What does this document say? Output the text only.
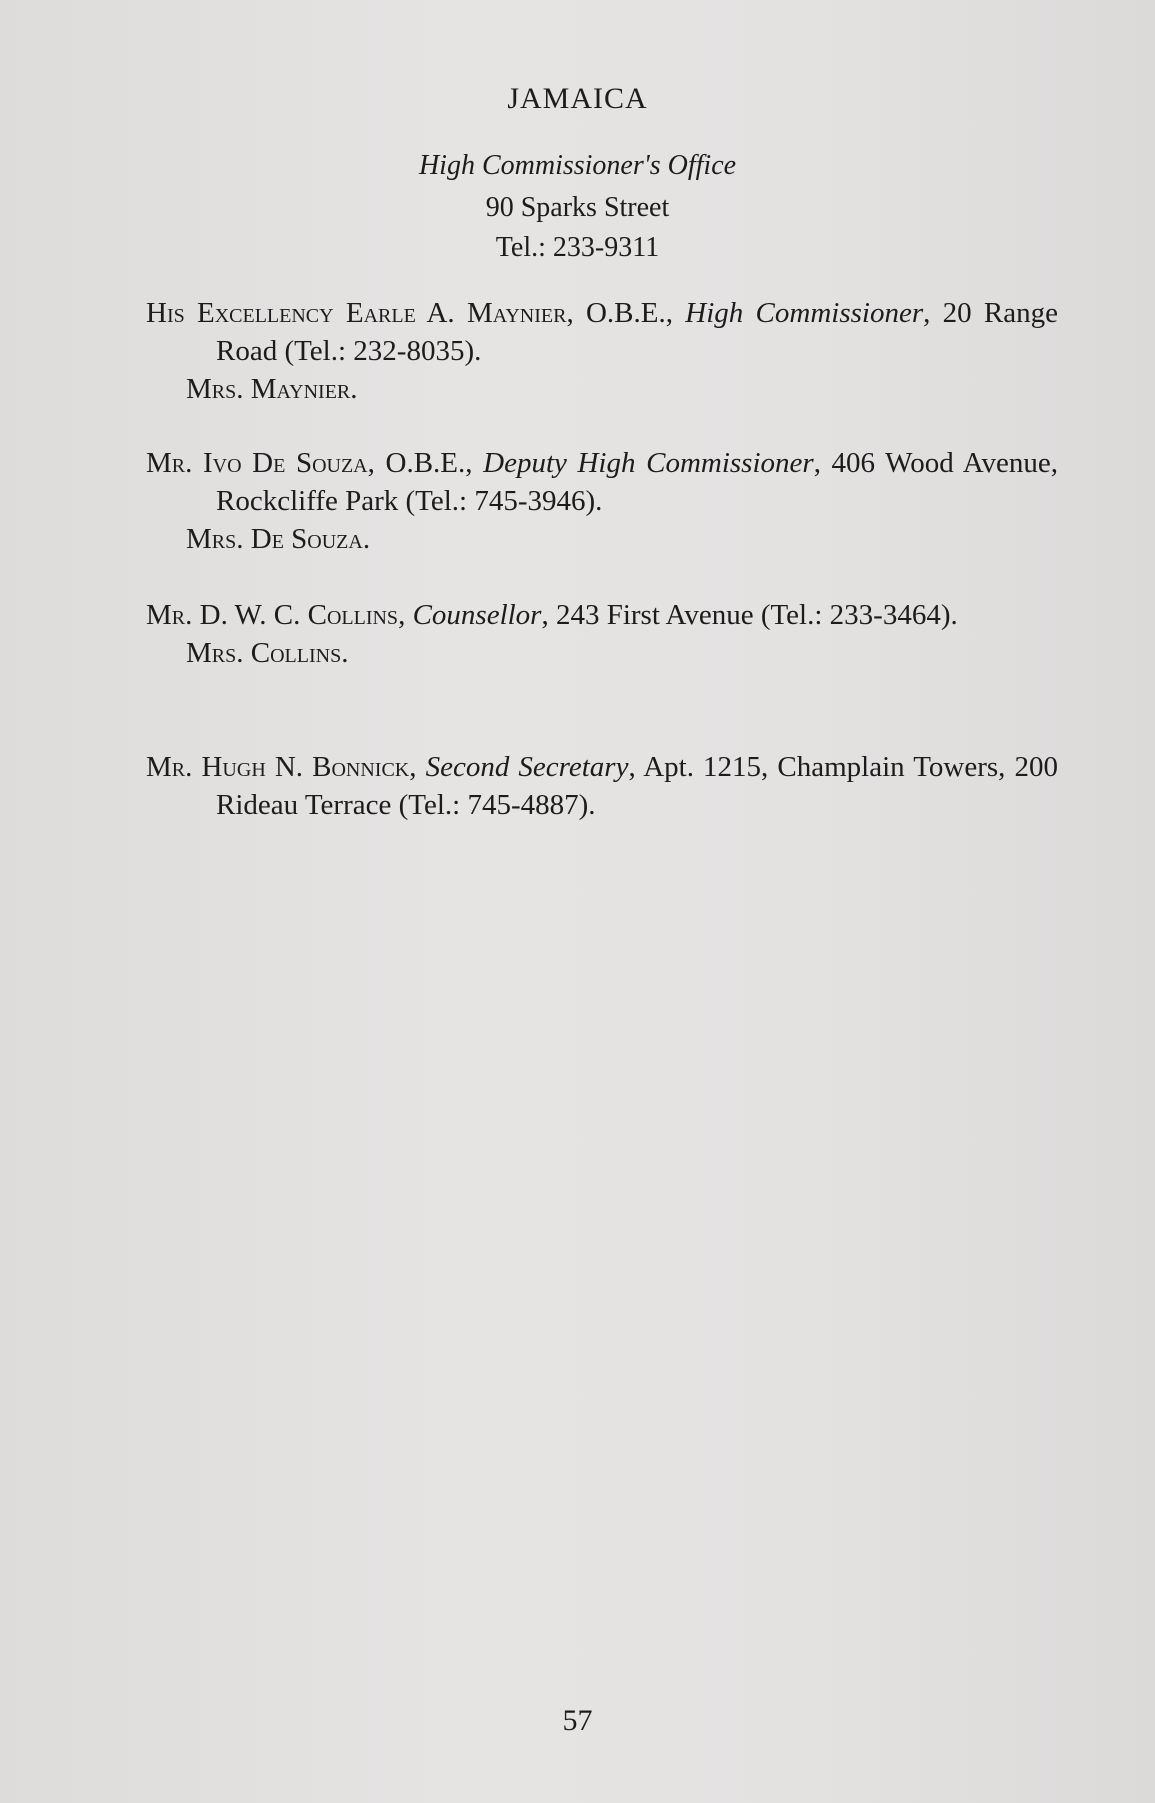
JAMAICA
High Commissioner's Office
90 Sparks Street
Tel.: 233-9311
His Excellency Earle A. Maynier, O.B.E., High Commissioner, 20 Range Road (Tel.: 232-8035).
Mrs. Maynier.
Mr. Ivo De Souza, O.B.E., Deputy High Commissioner, 406 Wood Avenue, Rockcliffe Park (Tel.: 745-3946).
Mrs. De Souza.
Mr. D. W. C. Collins, Counsellor, 243 First Avenue (Tel.: 233-3464).
Mrs. Collins.
Mr. Hugh N. Bonnick, Second Secretary, Apt. 1215, Champlain Towers, 200 Rideau Terrace (Tel.: 745-4887).
57
